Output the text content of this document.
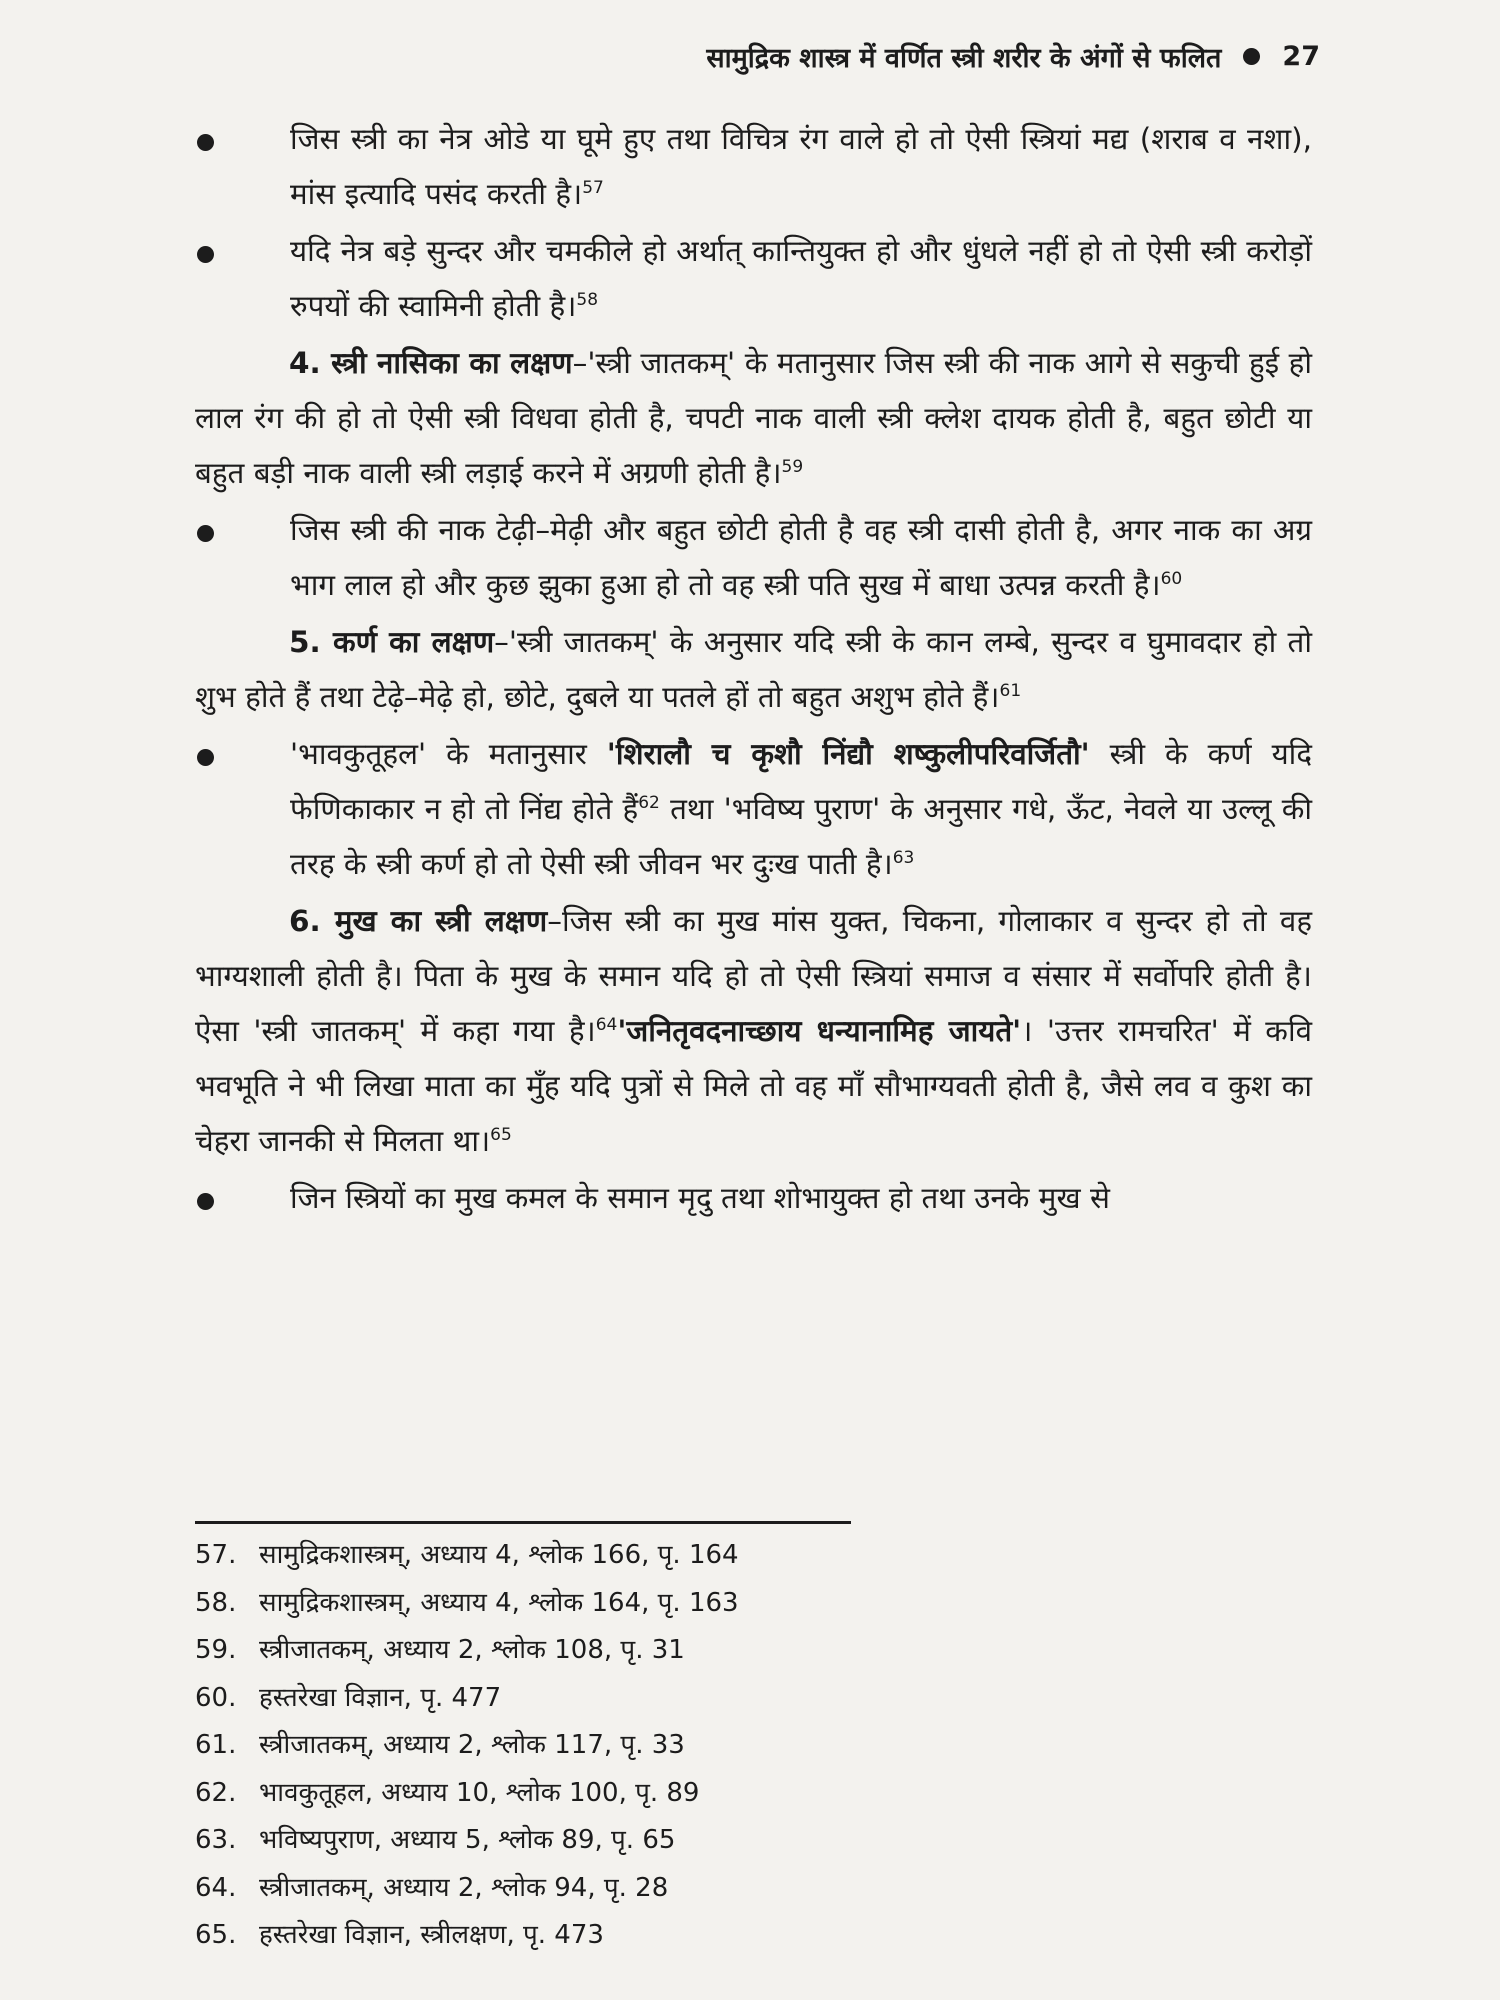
सामुद्रिक शास्त्र में वर्णित स्त्री शरीर के अंगों से फलित 27
जिस स्त्री का नेत्र ओडे या घूमे हुए तथा विचित्र रंग वाले हो तो ऐसी स्त्रियां मद्य (शराब व नशा), मांस इत्यादि पसंद करती है।$^{57}$
यदि नेत्र बड़े सुन्दर और चमकीले हो अर्थात् कान्तियुक्त हो और धुंधले नहीं हो तो ऐसी स्त्री करोड़ों रुपयों की स्वामिनी होती है।$^{58}$

4. स्त्री नासिका का लक्षण–'स्त्री जातकम्' के मतानुसार जिस स्त्री की नाक आगे से सकुची हुई हो लाल रंग की हो तो ऐसी स्त्री विधवा होती है, चपटी नाक वाली स्त्री क्लेश दायक होती है, बहुत छोटी या बहुत बड़ी नाक वाली स्त्री लड़ाई करने में अग्रणी होती है।$^{59}$

जिस स्त्री की नाक टेढ़ी–मेढ़ी और बहुत छोटी होती है वह स्त्री दासी होती है, अगर नाक का अग्र भाग लाल हो और कुछ झुका हुआ हो तो वह स्त्री पति सुख में बाधा उत्पन्न करती है।$^{60}$

5. कर्ण का लक्षण–'स्त्री जातकम्' के अनुसार यदि स्त्री के कान लम्बे, सुन्दर व घुमावदार हो तो शुभ होते हैं तथा टेढ़े–मेढ़े हो, छोटे, दुबले या पतले हों तो बहुत अशुभ होते हैं।$^{61}$

'भावकुतूहल' के मतानुसार 'शिरालौ च कृशौ निंद्यौ शष्कुलीपरिवर्जितौ' स्त्री के कर्ण यदि फेणिकाकार न हो तो निंद्य होते हैं$^{62}$ तथा 'भविष्य पुराण' के अनुसार गधे, ऊँट, नेवले या उल्लू की तरह के स्त्री कर्ण हो तो ऐसी स्त्री जीवन भर दुःख पाती है।$^{63}$

6. मुख का स्त्री लक्षण–जिस स्त्री का मुख मांस युक्त, चिकना, गोलाकार व सुन्दर हो तो वह भाग्यशाली होती है। पिता के मुख के समान यदि हो तो ऐसी स्त्रियां समाज व संसार में सर्वोपरि होती है। ऐसा 'स्त्री जातकम्' में कहा गया है।$^{64}$'जनितृवदनाच्छाय धन्यानामिह जायते'। 'उत्तर रामचरित' में कवि भवभूति ने भी लिखा माता का मुँह यदि पुत्रों से मिले तो वह माँ सौभाग्यवती होती है, जैसे लव व कुश का चेहरा जानकी से मिलता था।$^{65}$

जिन स्त्रियों का मुख कमल के समान मृदु तथा शोभायुक्त हो तथा उनके मुख से
57. सामुद्रिकशास्त्रम्, अध्याय 4, श्लोक 166, पृ. 164
58. सामुद्रिकशास्त्रम्, अध्याय 4, श्लोक 164, पृ. 163
59. स्त्रीजातकम्, अध्याय 2, श्लोक 108, पृ. 31
60. हस्तरेखा विज्ञान, पृ. 477
61. स्त्रीजातकम्, अध्याय 2, श्लोक 117, पृ. 33
62. भावकुतूहल, अध्याय 10, श्लोक 100, पृ. 89
63. भविष्यपुराण, अध्याय 5, श्लोक 89, पृ. 65
64. स्त्रीजातकम्, अध्याय 2, श्लोक 94, पृ. 28
65. हस्तरेखा विज्ञान, स्त्रीलक्षण, पृ. 473
